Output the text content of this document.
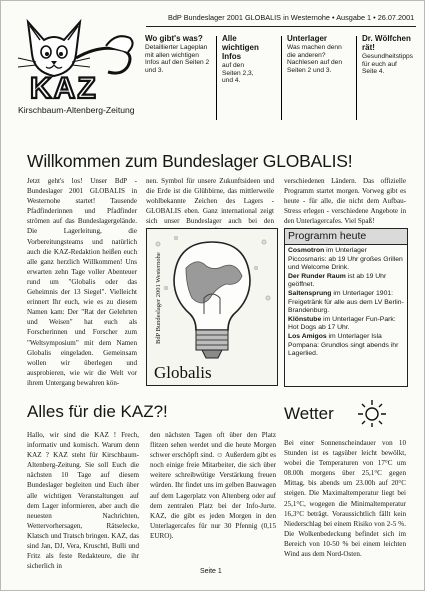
BdP Bundeslager 2001 GLOBALIS in Westernohe • Ausgabe 1 • 26.07.2001
KAZ
Kirschbaum-Altenberg-Zeitung
Wo gibt's was?
Detaillierter Lageplan mit allen wichtigen Infos auf den Seiten 2 und 3.
Alle wichtigen Infos
auf den Seiten 2,3, und 4.
Unterlager
Was machen denn die anderen? Nachlesen auf den Seiten 2 und 3.
Dr. Wölfchen rät!
Gesundheitstipps für euch auf Seite 4.
Willkommen zum Bundeslager GLOBALIS!
Jetzt geht's los! Unser BdP - Bundeslager 2001 GLOBALIS in Westernohe startet! Tausende Pfadfinderinnen und Pfadfinder strömen auf das Bundeslagergelände. Die Lagerleitung, die Vorbereitungsteams und natürlich auch die KAZ-Redaktion heißen euch alle ganz herzlich Willkommen! Uns erwarten zehn Tage voller Abenteuer rund um "Globalis oder das Geheimnis der 13 Siegel". Vielleicht erinnert Ihr euch, wie es zu diesem Namen kam: Der "Rat der Gelehrten und Weisen" hat euch als Forscherinnen und Forscher zum "Weltsymposium" mit dem Namen Globalis eingeladen. Gemeinsam wollen wir überlegen und ausprobieren, wie wir die Welt vor ihrem Untergang bewahren kön-
nen. Symbol für unsere Zukunftsideen und die Erde ist die Glühbirne, das mittlerweile wohlbekannte Zeichen des Lagers - GLOBALIS eben. Ganz international zeigt sich unser Bundeslager auch bei den
verschiedenen Ländern. Das offizielle Programm startet morgen. Vorweg gibt es heute - für alle, die nicht dem Aufbau-Stress erlegen - verschiedene Angebote in den Unterlagercafes. Viel Spaß!
Globalis
BdP Bundeslager 2001 Westernohe
Programm heute
Cosmotron im Unterlager Piccosmaris: ab 19 Uhr großes Grillen und Welcome Drink.
Der Runder Raum ist ab 19 Uhr geöffnet.
Saltensprung im Unterlager 1901: Freigetränk für alle aus dem LV Berlin-Brandenburg.
Klönstube im Unterlager Fun-Park: Hot Dogs ab 17 Uhr.
Los Amigos im Unterlager Isla Pompana: Grundlos singt abends ihr Lagerlied.
Alles für die KAZ?!
Hallo, wir sind die KAZ ! Frech, informativ und komisch. Warum denn KAZ ? KAZ steht für Kirschbaum-Altenberg-Zeitung. Sie soll Euch die nächsten 10 Tage auf diesem Bundeslager begleiten und Euch über alle wichtigen Veranstaltungen auf dem Lager informieren, aber auch die neuesten Nachrichten, Wettervorhersagen, Rätselecke, Klatsch und Tratsch bringen. KAZ, das sind Jan, DJ, Vera, Kruschtl, Bulli und Fritz als feste Redakteure, die ihr sicherlich in
den nächsten Tagen oft über den Platz flitzen sehen werdet und die heute Morgen schwer erschöpft sind. ☺ Außerdem gibt es noch einige freie Mitarbeiter, die sich über weitere schreibwütige Verstärkung freuen würden. Ihr findet uns im gelben Bauwagen auf dem Lagerplatz von Altenberg oder auf dem zentralen Platz bei der Info-Jurte. KAZ, die gibt es jeden Morgen in den Unterlagercafes für nur 30 Pfennig (0,15 EURO).
Wetter
Bei einer Sonnenscheindauer von 10 Stunden ist es tagsüber leicht bewölkt, wobei die Temperaturen von 17°C um 08.00h morgens über 25,1°C gegen Mittag, bis abends um 23.00h auf 20°C steigen. Die Maximaltemperatur liegt bei 25,1°C, wogegen die Minimaltemperatur 16,3°C beträgt. Voraussichtlich fällt kein Niederschlag bei einem Risiko von 2-5 %. Die Wolkenbedeckung befindet sich im Bereich von 10-50 % bei einem leichten Wind aus dem Nord-Osten.
Seite 1
